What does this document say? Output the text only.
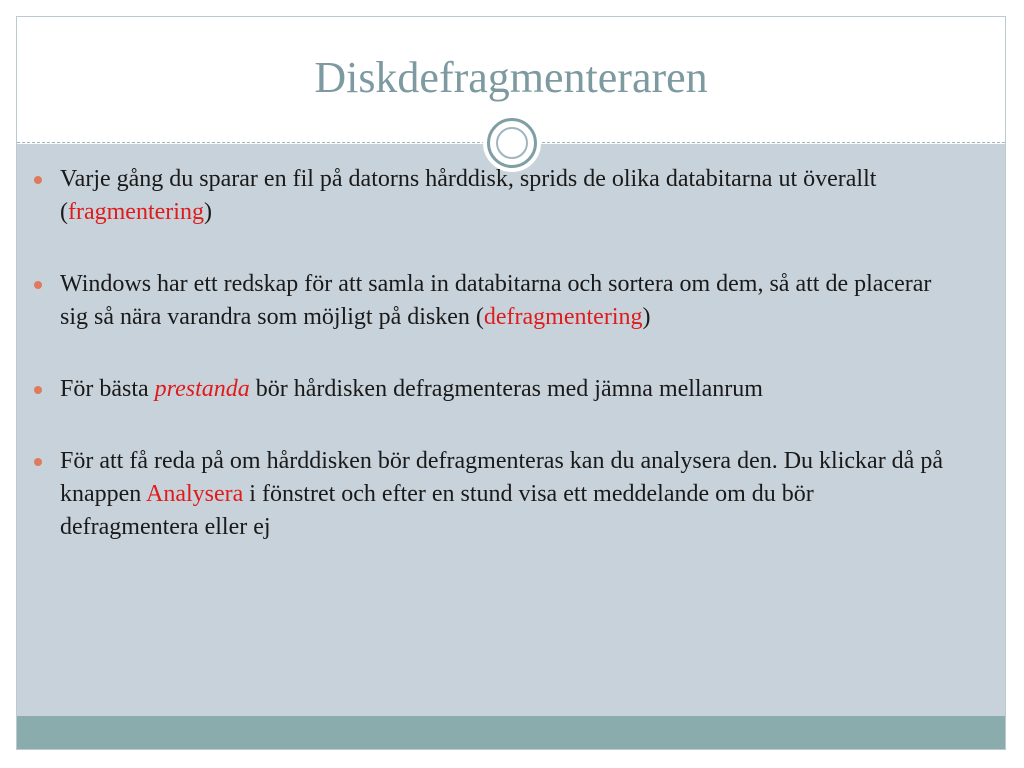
Diskdefragmenteraren
Varje gång du sparar en fil på datorns hårddisk, sprids de olika databitarna ut överallt (fragmentering)
Windows har ett redskap för att samla in databitarna och sortera om dem, så att de placerar sig så nära varandra som möjligt på disken (defragmentering)
För bästa prestanda bör hårdisken defragmenteras med jämna mellanrum
För att få reda på om hårddisken bör defragmenteras kan du analysera den. Du klickar då på knappen Analysera i fönstret och efter en stund visa ett meddelande om du bör defragmentera eller ej
